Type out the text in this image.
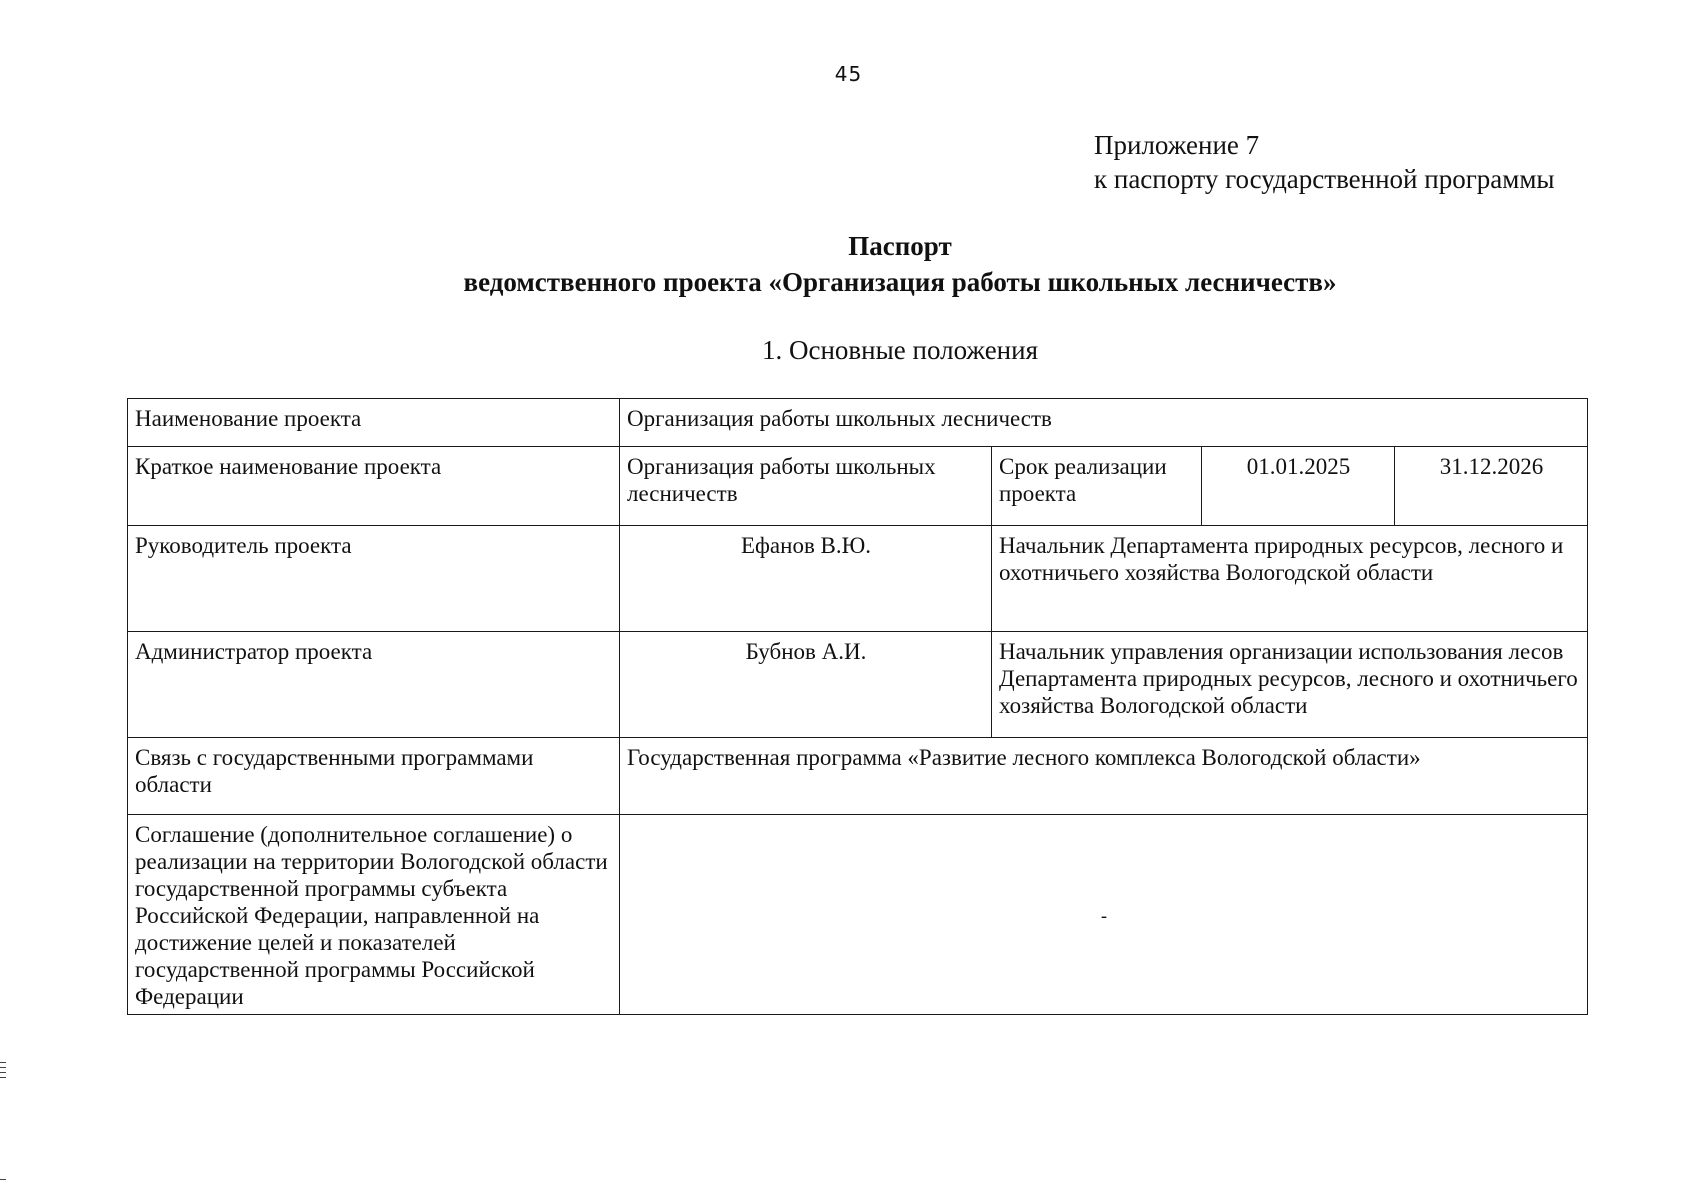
45
Приложение 7
к паспорту государственной программы
Паспорт
ведомственного проекта «Организация работы школьных лесничеств»
1. Основные положения
Наименование проекта	Организация работы школьных лесничеств			
Краткое наименование проекта	Организация работы школьных лесничеств	Срок реализации проекта	01.01.2025	31.12.2026
Руководитель проекта	Ефанов В.Ю.	Начальник Департамента природных ресурсов, лесного и охотничьего хозяйства Вологодской области		
Администратор проекта	Бубнов А.И.	Начальник управления организации использования лесов Департамента природных ресурсов, лесного и охотничьего хозяйства Вологодской области		
Связь с государственными программами области	Государственная программа «Развитие лесного комплекса Вологодской области»			
Соглашение (дополнительное соглашение) о реализации на территории Вологодской области государственной программы субъекта Российской Федерации, направленной на достижение целей и показателей государственной программы Российской Федерации	-			
